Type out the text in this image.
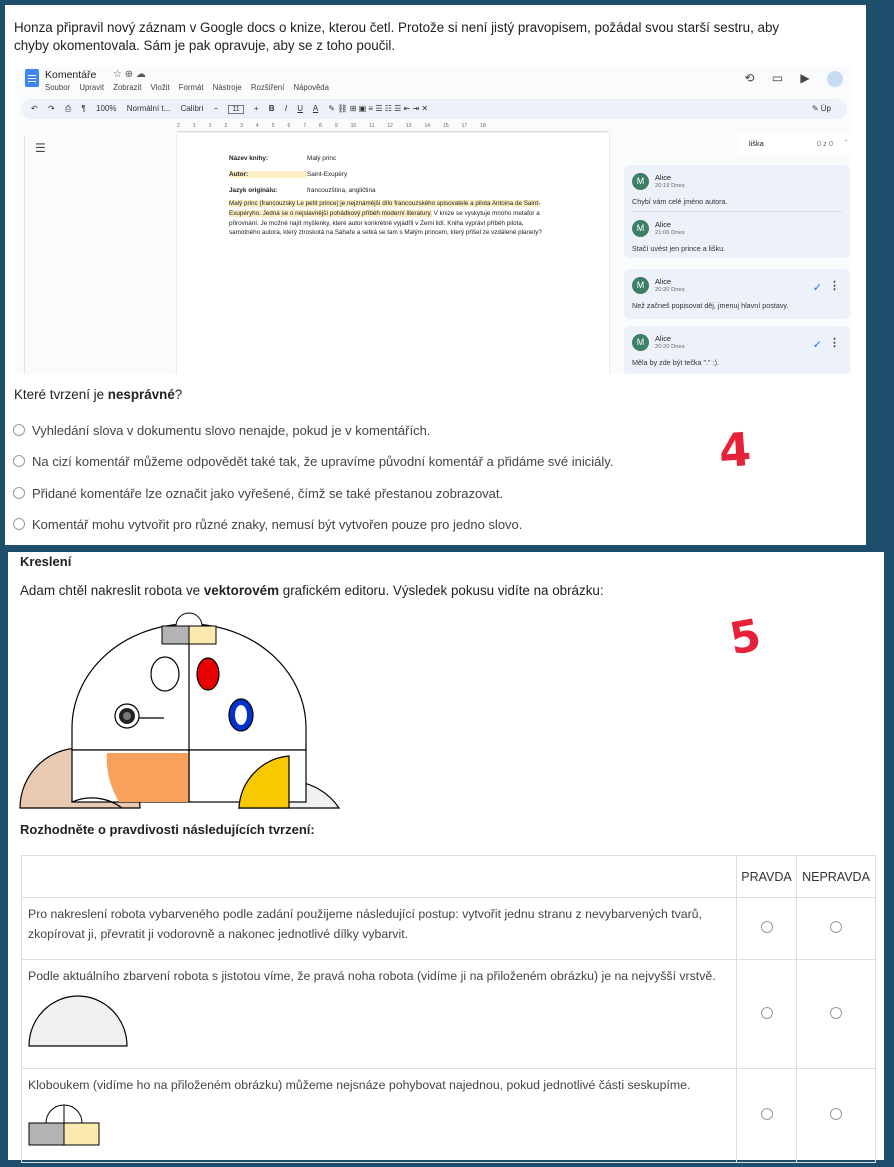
Honza připravil nový záznam v Google docs o knize, kterou četl. Protože si není jistý pravopisem, požádal svou starší sestru, aby chyby okomentovala. Sám je pak opravuje, aby se z toho poučil.
Komentáře ☆ ⊕ ☁
Soubor Upravit Zobrazit Vložit Formát Nástroje Rozšíření Nápověda
⟲ ▭ ▶
↶ ↷ ⎙ ¶ 100% Normální t... Calibri − 11 + B I U A ✎ ⛓ ⊞ ▣ ≡ ☰ ☷ ☰ ⇤ ⇥ ✕	✎ Úp
2	1	1	2	3	4	5	6	7	8	9	10	11	12	13	14	15	17	18
☰
Název knihy:	Malý princ
Autor:	Saint-Exupéry
Jazyk originálu:	francouzština, angličtina
Malý princ (francouzsky Le petit prince) je nejznámější dílo francouzského spisovatele a pilota Antoina de Saint-Exupéryho. Jedná se o nejslavnější pohádkový příběh moderní literatury. V knize se vyskytuje mnoho metafor a přirovnání. Je možné najít myšlenky, které autor konkrétně vyjádřil v Zemi lidí. Kniha vypráví příběh pilota, samotného autora, který ztroskotá na Sahaře a setká se tam s Malým princem, který přišel ze vzdálené planety?
liška	0 z 0 ⌃
M	Alice
20:19 Dnes
Chybí vám celé jméno autora.
M	Alice
21:06 Dnes
Stačí uvést jen prince a lišku.
M	Alice
20:20 Dnes
Než začneš popisovat děj, jmenuj hlavní postavy.
✓ ⋮
M	Alice
20:20 Dnes
Měla by zde být tečka "." :).
✓ ⋮
Které tvrzení je nesprávné?
Vyhledání slova v dokumentu slovo nenajde, pokud je v komentářích.
Na cizí komentář můžeme odpovědět také tak, že upravíme původní komentář a přidáme své iniciály.
Přidané komentáře lze označit jako vyřešené, čímž se také přestanou zobrazovat.
Komentář mohu vytvořit pro různé znaky, nemusí být vytvořen pouze pro jedno slovo.
4
Kreslení
Adam chtěl nakreslit robota ve vektorovém grafickém editoru. Výsledek pokusu vidíte na obrázku:
5
Rozhodněte o pravdivosti následujících tvrzení:
	PRAVDA	NEPRAVDA
Pro nakreslení robota vybarveného podle zadání použijeme následující postup: vytvořit jednu stranu z nevybarvených tvarů, zkopírovat ji, převratit ji vodorovně a nakonec jednotlivé dílky vybarvit.		

Podle aktuálního zbarvení robota s jistotou víme, že pravá noha robota (vidíme ji na přiloženém obrázku) je na nejvyšší vrstvě.		

Kloboukem (vidíme ho na přiloženém obrázku) můžeme nejsnáze pohybovat najednou, pokud jednotlivé části seskupíme.		
